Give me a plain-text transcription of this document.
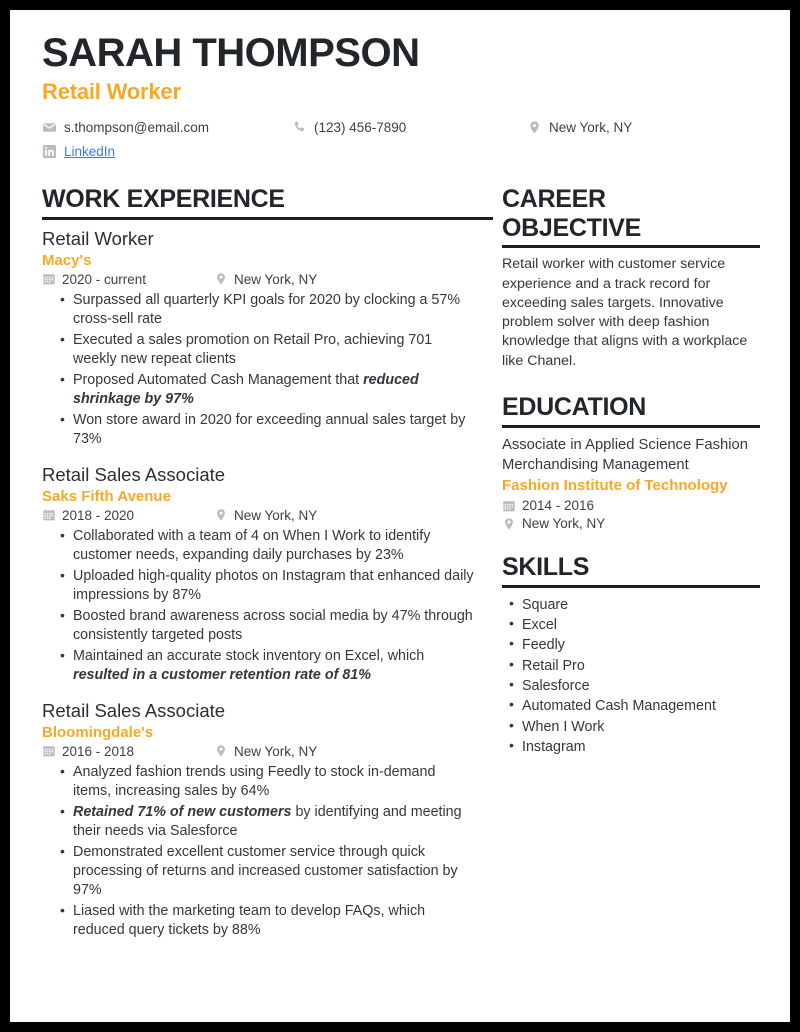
SARAH THOMPSON
Retail Worker
s.thompson@email.com	(123) 456-7890	New York, NY
LinkedIn
WORK EXPERIENCE
Retail Worker
Macy's
2020 - current	New York, NY
• Surpassed all quarterly KPI goals for 2020 by clocking a 57% cross-sell rate
• Executed a sales promotion on Retail Pro, achieving 701 weekly new repeat clients
• Proposed Automated Cash Management that reduced shrinkage by 97%
• Won store award in 2020 for exceeding annual sales target by 73%
Retail Sales Associate
Saks Fifth Avenue
2018 - 2020	New York, NY
• Collaborated with a team of 4 on When I Work to identify customer needs, expanding daily purchases by 23%
• Uploaded high-quality photos on Instagram that enhanced daily impressions by 87%
• Boosted brand awareness across social media by 47% through consistently targeted posts
• Maintained an accurate stock inventory on Excel, which resulted in a customer retention rate of 81%
Retail Sales Associate
Bloomingdale's
2016 - 2018	New York, NY
• Analyzed fashion trends using Feedly to stock in-demand items, increasing sales by 64%
• Retained 71% of new customers by identifying and meeting their needs via Salesforce
• Demonstrated excellent customer service through quick processing of returns and increased customer satisfaction by 97%
• Liased with the marketing team to develop FAQs, which reduced query tickets by 88%
CAREER
OBJECTIVE
Retail worker with customer service experience and a track record for exceeding sales targets. Innovative problem solver with deep fashion knowledge that aligns with a workplace like Chanel.
EDUCATION
Associate in Applied Science Fashion Merchandising Management
Fashion Institute of Technology
2014 - 2016
New York, NY
SKILLS
• Square
• Excel
• Feedly
• Retail Pro
• Salesforce
• Automated Cash Management
• When I Work
• Instagram
